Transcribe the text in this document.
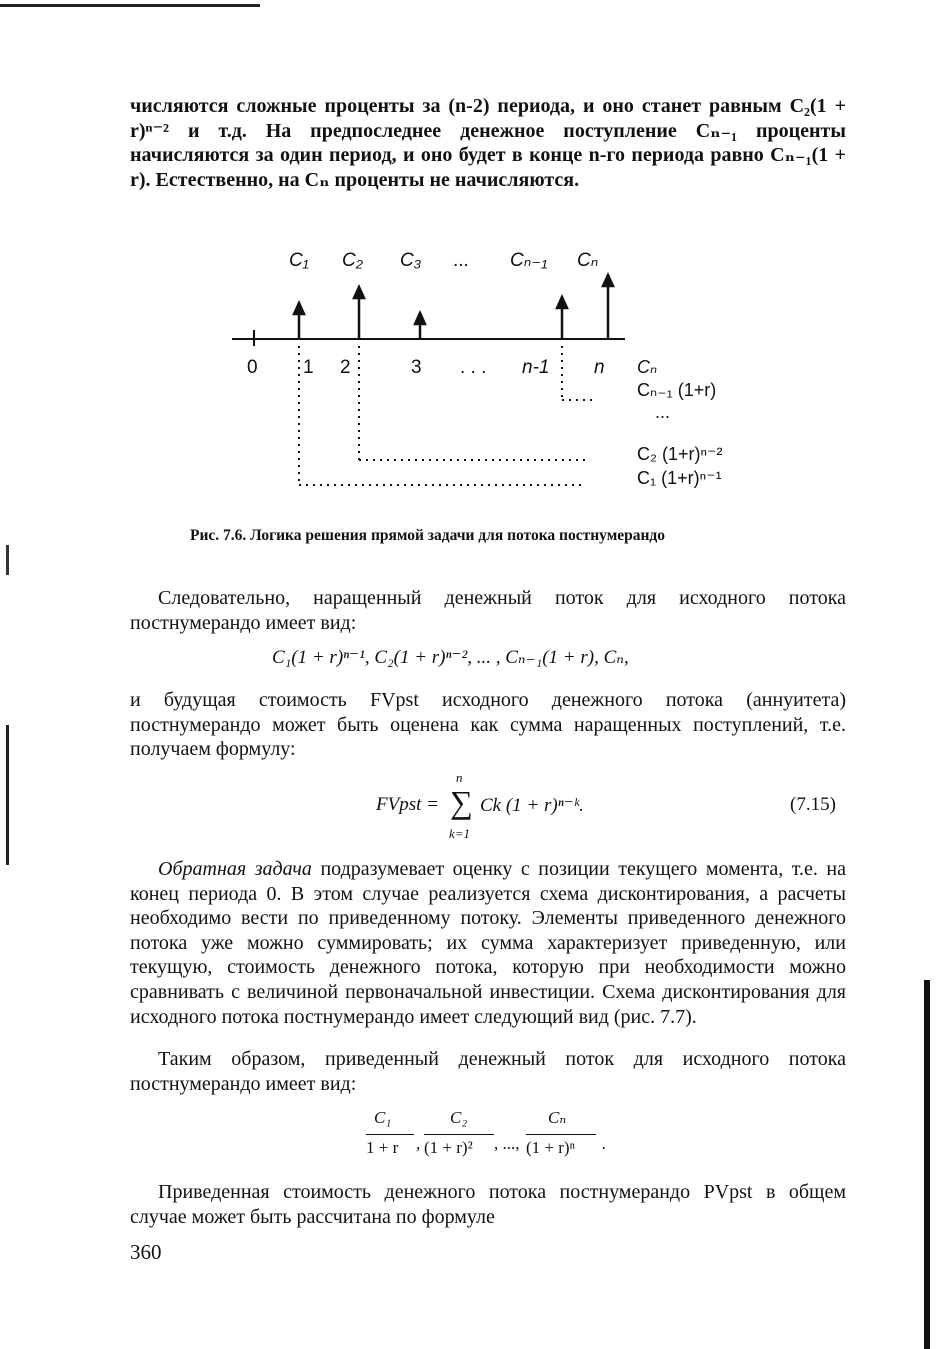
числяются сложные проценты за (n-2) периода, и оно станет равным C₂(1 + r)ⁿ⁻² и т.д. На предпоследнее денежное поступление Cₙ₋₁ проценты начисляются за один период, и оно будет в конце n-го периода равно Cₙ₋₁(1 + r). Естественно, на Cₙ проценты не начисляются.

C₁ C₂ C₃ ... Cₙ₋₁ Cₙ
0 1 2	3 . . . n-1 n Cₙ
Cₙ₋₁ (1+r)
...
C₂ (1+r)ⁿ⁻²
C₁ (1+r)ⁿ⁻¹
Рис. 7.6. Логика решения прямой задачи для потока постнумерандо

Следовательно, наращенный денежный поток для исходного потока постнумерандо имеет вид:

C₁(1 + r)ⁿ⁻¹, C₂(1 + r)ⁿ⁻², ... , Cₙ₋₁(1 + r), Cₙ,

и будущая стоимость FVpst исходного денежного потока (аннуитета) постнумерандо может быть оценена как сумма наращенных поступлений, т.е. получаем формулу:

FVpst =
n
∑
k=1
Ck (1 + r)ⁿ⁻ᵏ.	(7.15)

Обратная задача подразумевает оценку с позиции текущего момента, т.е. на конец периода 0. В этом случае реализуется схема дисконтирования, а расчеты необходимо вести по приведенному потоку. Элементы приведенного денежного потока уже можно суммировать; их сумма характеризует приведенную, или текущую, стоимость денежного потока, которую при необходимости можно сравнивать с величиной первоначальной инвестиции. Схема дисконтирования для исходного потока постнумерандо имеет следующий вид (рис. 7.7).

Таким образом, приведенный денежный поток для исходного потока постнумерандо имеет вид:

C₁
1 + r ,
C₂
(1 + r)² , ...,
Cₙ
(1 + r)ⁿ .

Приведенная стоимость денежного потока постнумерандо PVpst в общем случае может быть рассчитана по формуле

360
